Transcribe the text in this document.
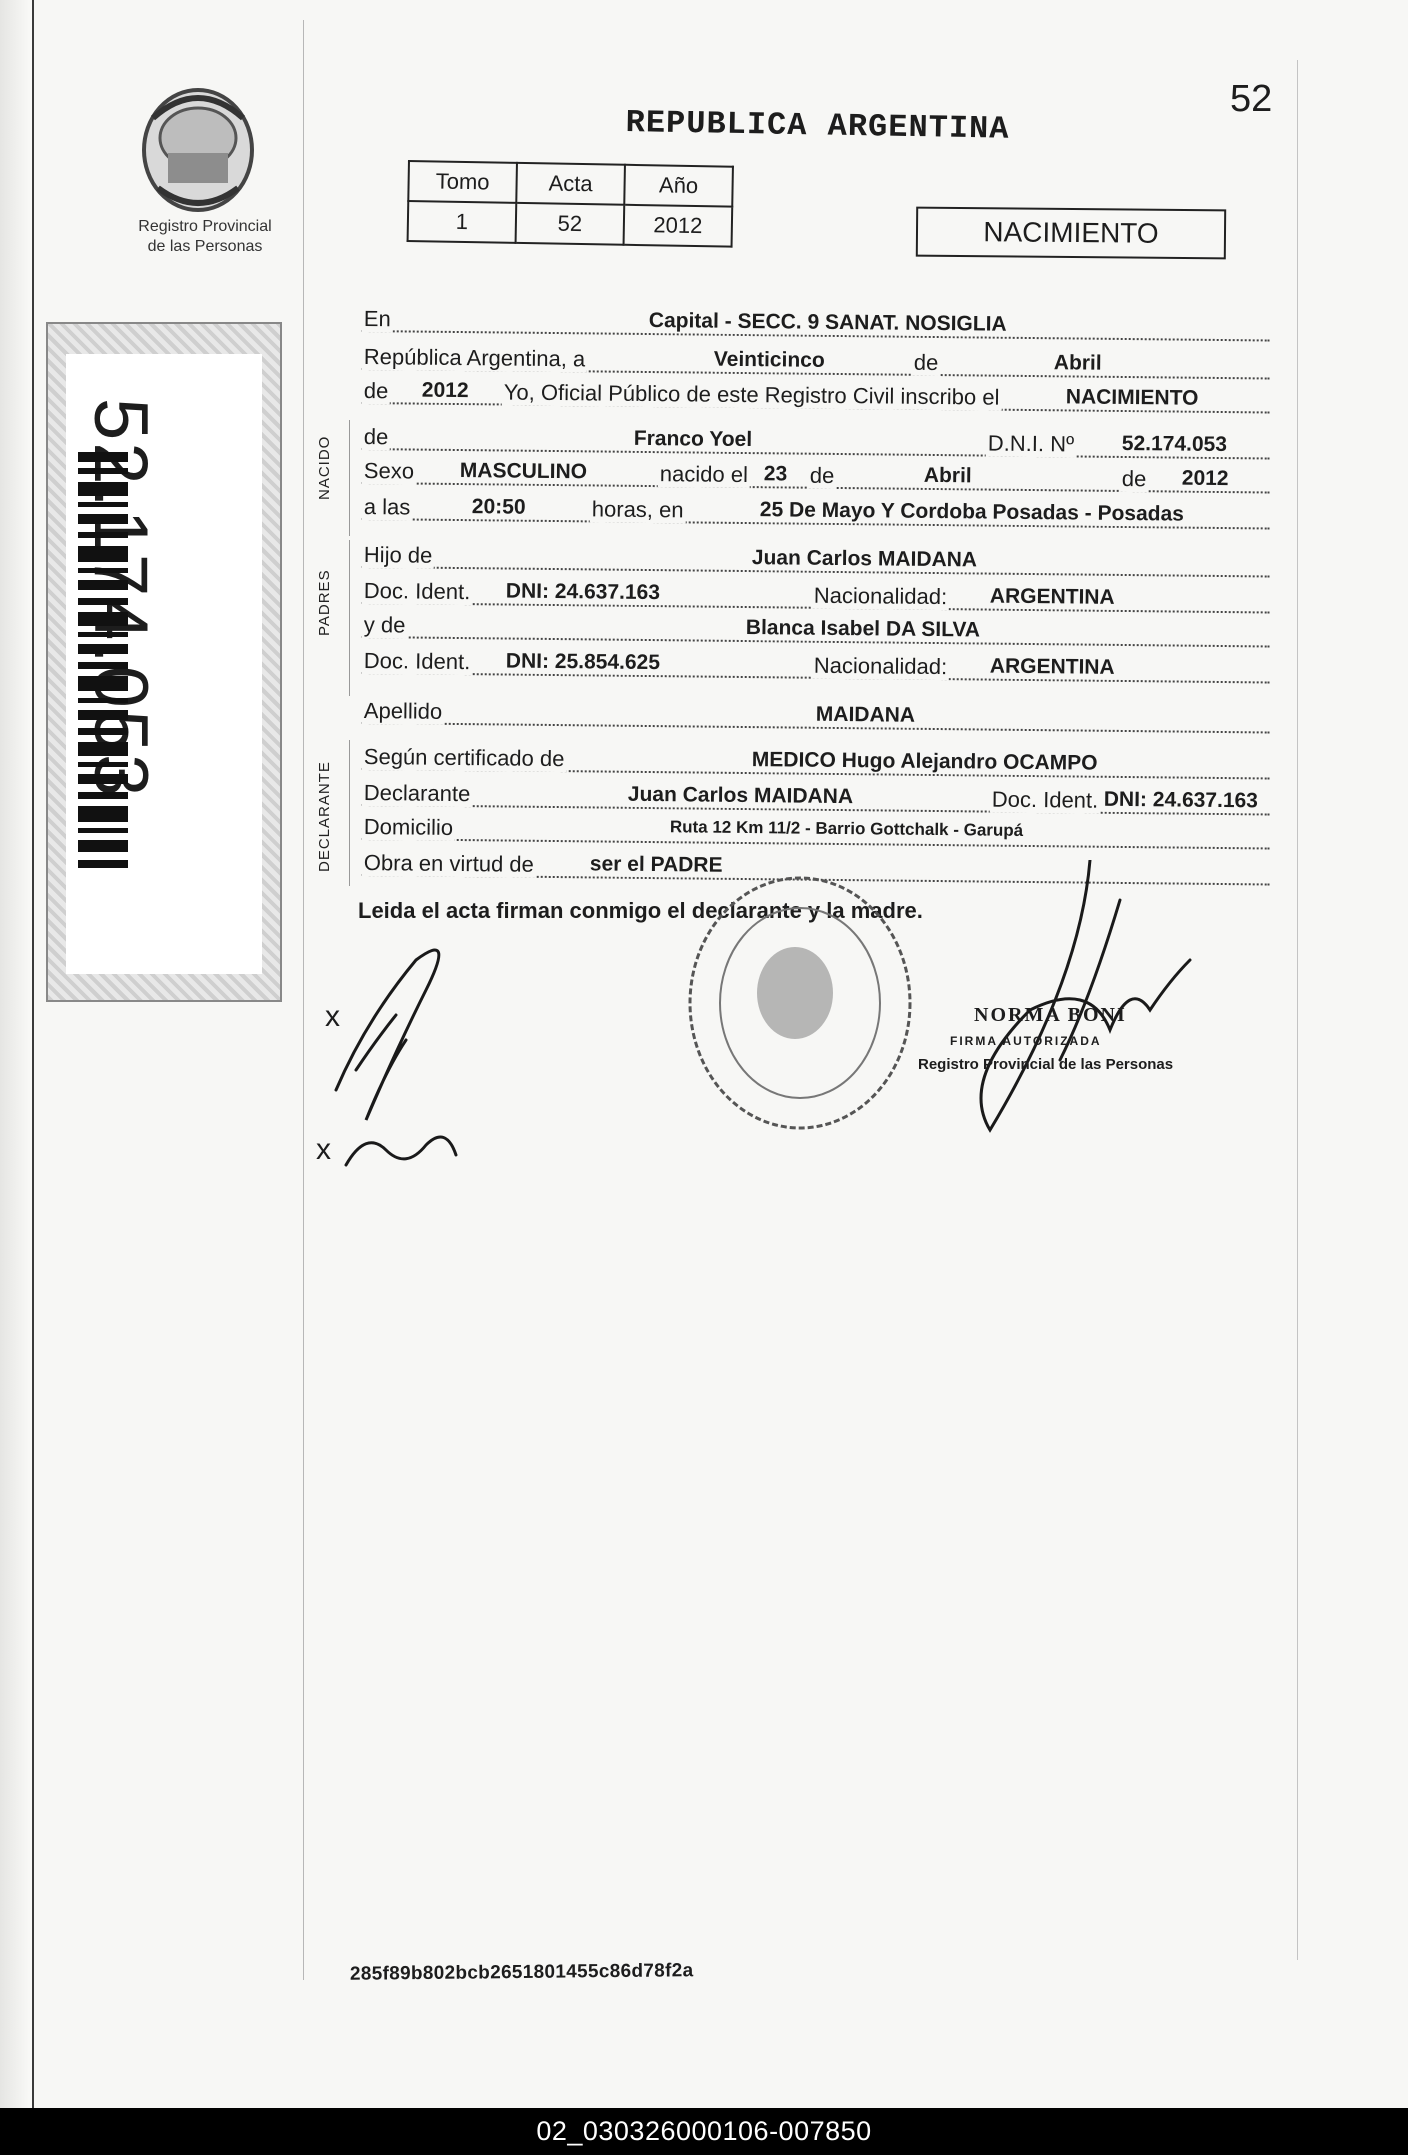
Registro Provincial
de las Personas
REPUBLICA ARGENTINA
52
Tomo	Acta	Año
1	52	2012	NACIMIENTO
NACIDO
PADRES
DECLARANTE
En	Capital - SECC. 9 SANAT. NOSIGLIA
República Argentina, a	Veinticinco	de	Abril
de 2012 Yo, Oficial Público de este Registro Civil inscribo el	NACIMIENTO
de	Franco Yoel	D.N.I. Nº 52.174.053
Sexo MASCULINO	nacido el 23 de	Abril	de 2012
a las	20:50	horas, en	25 De Mayo Y Cordoba Posadas - Posadas
Hijo de	Juan Carlos MAIDANA
Doc. Ident. DNI: 24.637.163	Nacionalidad: ARGENTINA
y de	Blanca Isabel DA SILVA
Doc. Ident. DNI: 25.854.625	Nacionalidad: ARGENTINA
Apellido	MAIDANA
Según certificado de	MEDICO Hugo Alejandro OCAMPO
Declarante	Juan Carlos MAIDANA	Doc. Ident. DNI: 24.637.163
Domicilio	Ruta 12 Km 11/2 - Barrio Gottchalk - Garupá
Obra en virtud de	ser el PADRE
Leida el acta firman conmigo el declarante y la madre.
x
x
NORMA BONI
FIRMA AUTORIZADA
Registro Provincial de las Personas
285f89b802bcb2651801455c86d78f2a
02_030326000106-007850
